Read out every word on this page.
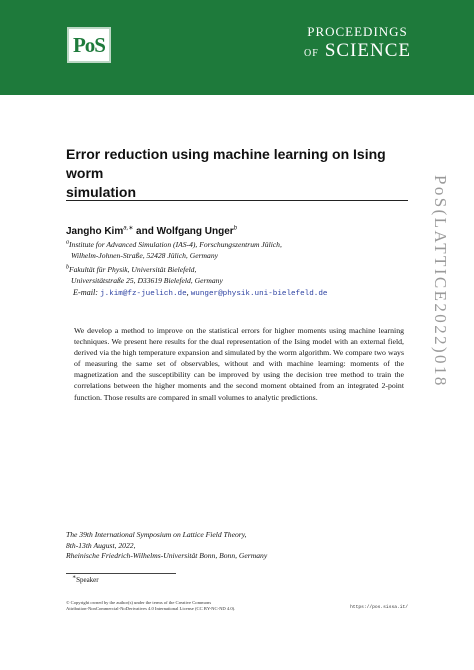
PoS
PROCEEDINGS
OF SCIENCE
Error reduction using machine learning on Ising worm
simulation
Jangho Kim$^{a,∗}$ and Wolfgang Unger$^b$
$^a$Institute for Advanced Simulation (IAS-4), Forschungszentrum Jülich,
Wilhelm-Johnen-Straße, 52428 Jülich, Germany
$^b$Fakultät für Physik, Universität Bielefeld,
Universitätstraße 25, D33619 Bielefeld, Germany
E-mail: j.kim@fz-juelich.de, wunger@physik.uni-bielefeld.de
We develop a method to improve on the statistical errors for higher moments using machine learning techniques. We present here results for the dual representation of the Ising model with an external field, derived via the high temperature expansion and simulated by the worm algorithm. We compare two ways of measuring the same set of observables, without and with machine learning: moments of the magnetization and the susceptibility can be improved by using the decision tree method to train the correlations between the higher moments and the second moment obtained from an integrated 2-point function. Those results are compared in small volumes to analytic predictions.
PoS(LATTICE2022)018
The 39th International Symposium on Lattice Field Theory,
8th-13th August, 2022,
Rheinische Friedrich-Wilhelms-Universität Bonn, Bonn, Germany
∗Speaker
© Copyright owned by the author(s) under the terms of the Creative Commons
Attribution-NonCommercial-NoDerivatives 4.0 International License (CC BY-NC-ND 4.0).	https://pos.sissa.it/
